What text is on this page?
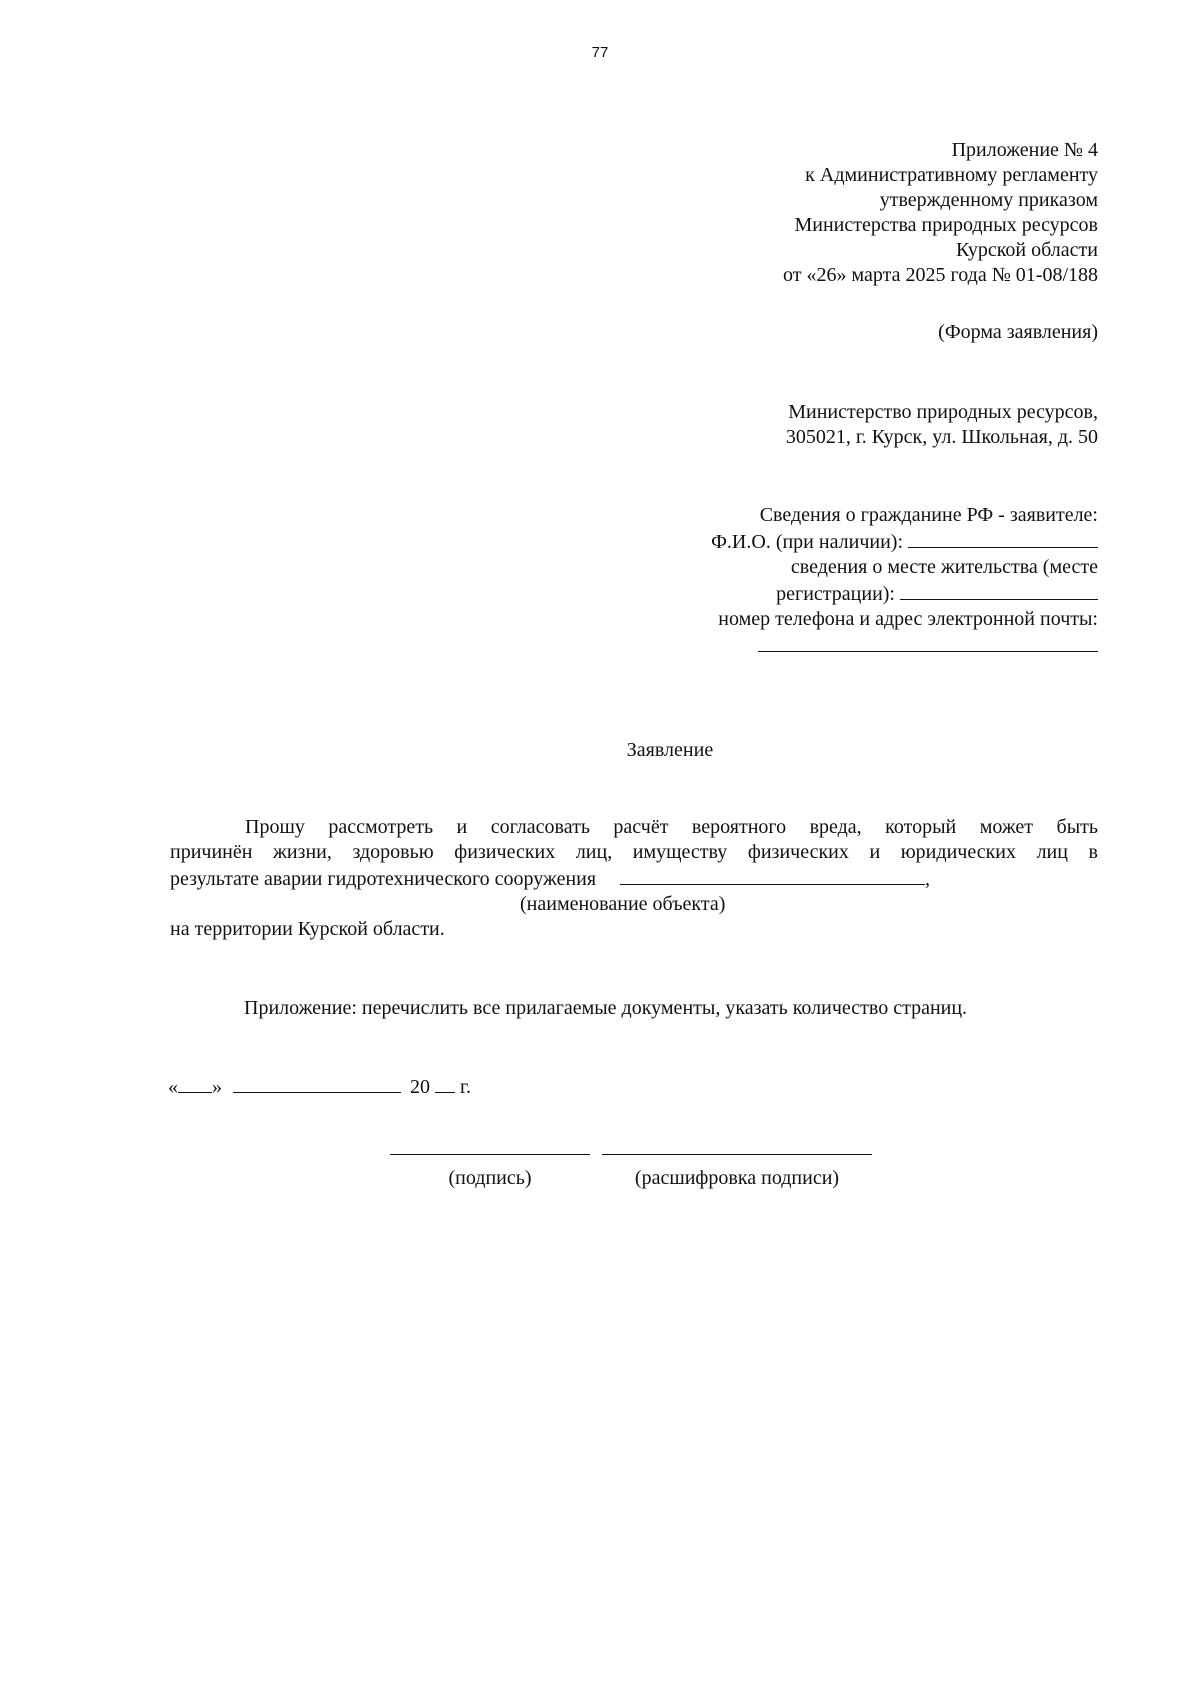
77
Приложение № 4
к Административному регламенту
утвержденному приказом
Министерства природных ресурсов
Курской области
от «26» марта 2025 года № 01-08/188
(Форма заявления)
Министерство природных ресурсов,
305021, г. Курск, ул. Школьная, д. 50
Сведения о гражданине РФ - заявителе:
Ф.И.О. (при наличии):
сведения о месте жительства (месте
регистрации):
номер телефона и адрес электронной почты:
Заявление
Прошу рассмотреть и согласовать расчёт вероятного вреда, который может быть
причинён жизни, здоровью физических лиц, имуществу физических и юридических лиц в
результате аварии гидротехнического сооружения	,
(наименование объекта)
на территории Курской области.
Приложение: перечислить все прилагаемые документы, указать количество страниц.
« »	20 г.
(подпись)	(расшифровка подписи)
